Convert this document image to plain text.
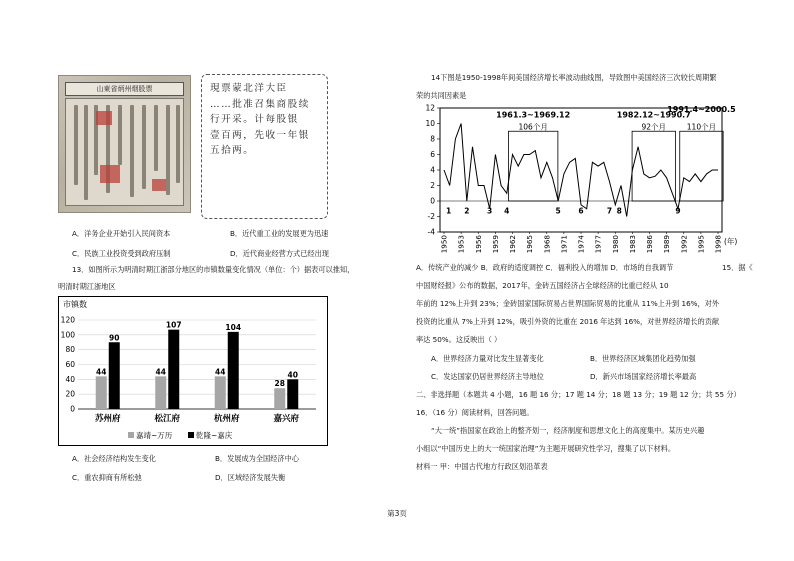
山東省炳州烟股票	現票蒙北洋大臣
……批准召集商股续
行开采。计每股银
壹百两，先收一年银
五拾两。
A．洋务企业开始引入民间资本	B．近代重工业的发展更为迅速
C．民族工业投资受到政府压制	D．近代商业经营方式已经出现
13．如图所示为明清时期江浙部分地区的市镇数量变化情况（单位：个）据表可以推知，
明清时期江浙地区
市镇数
0
20
40
60
80
100
120
44
90
苏州府
44
107
松江府
44
104
杭州府
28
40
嘉兴府
嘉靖~万历	乾隆~嘉庆
A．社会经济结构发生变化	B．发展成为全国经济中心
C．重农抑商有所松弛	D．区域经济发展失衡
14下图是1950-1998年间美国经济增长率波动曲线图，导致图中美国经济三次较长周期繁
荣的共同因素是
-4
-2
0
2
4
6
8
10
12
106个月
1961.3~1969.12
92个月
1982.12~1990.7
110个月
1991.4~2000.5
1 2 3 4	5 6	7 8	9
1950 1953 1956 1959 1962 1965 1968 1971 1974 1977 1980 1983 1986 1989 1992 1995 1998 (年)
A．传统产业的减少 B．政府的适度调控 C．福利投入的增加 D．市场的自我调节	15．据《
中国财经报》公布的数据，2017年，金砖五国经济占全球经济的比重已经从 10
年前的 12%上升到 23%；金砖国家国际贸易占世界国际贸易的比重从 11%上升到 16%，对外
投资的比重从 7%上升到 12%，吸引外资的比重在 2016 年达到 16%，对世界经济增长的贡献
率达 50%。这反映出（ ）
A．世界经济力量对比发生显著变化	B．世界经济区域集团化趋势加强
C．发达国家仍居世界经济主导地位	D．新兴市场国家经济增长率最高
二、非选择题（本题共 4 小题，16 题 16 分；17 题 14 分；18 题 13 分；19 题 12 分；共 55 分）
16．（16 分）阅读材料，回答问题。
“大一统”指国家在政治上的整齐划一，经济制度和思想文化上的高度集中。某历史兴趣
小组以“中国历史上的大一统国家治理”为主题开展研究性学习，搜集了以下材料。
材料一 甲：中国古代地方行政区划沿革表
第3页
